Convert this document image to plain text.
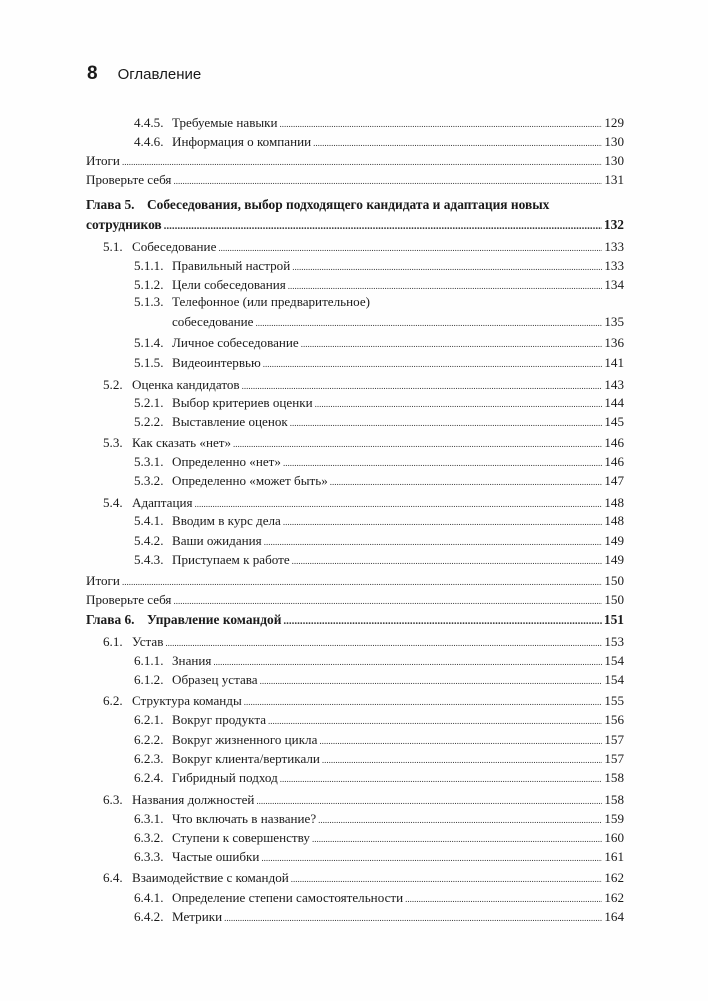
8 Оглавление
4.4.5. Требуемые навыки .....	129
4.4.6. Информация о компании .....	130
Итоги .....	130
Проверьте себя .....	131
Глава 5. Собеседования, выбор подходящего кандидата и адаптация новых
сотрудников .....	132
5.1. Собеседование .....	133
5.1.1. Правильный настрой .....	133
5.1.2. Цели собеседования .....	134
5.1.3. Телефонное (или предварительное)
собеседование .....	135
5.1.4. Личное собеседование .....	136
5.1.5. Видеоинтервью .....	141
5.2. Оценка кандидатов .....	143
5.2.1. Выбор критериев оценки .....	144
5.2.2. Выставление оценок .....	145
5.3. Как сказать «нет» .....	146
5.3.1. Определенно «нет» .....	146
5.3.2. Определенно «может быть» .....	147
5.4. Адаптация .....	148
5.4.1. Вводим в курс дела .....	148
5.4.2. Ваши ожидания .....	149
5.4.3. Приступаем к работе .....	149
Итоги .....	150
Проверьте себя .....	150
Глава 6. Управление командой .....	151
6.1. Устав .....	153
6.1.1. Знания .....	154
6.1.2. Образец устава .....	154
6.2. Структура команды .....	155
6.2.1. Вокруг продукта .....	156
6.2.2. Вокруг жизненного цикла .....	157
6.2.3. Вокруг клиента/вертикали .....	157
6.2.4. Гибридный подход .....	158
6.3. Названия должностей .....	158
6.3.1. Что включать в название? .....	159
6.3.2. Ступени к совершенству .....	160
6.3.3. Частые ошибки .....	161
6.4. Взаимодействие с командой .....	162
6.4.1. Определение степени самостоятельности .....	162
6.4.2. Метрики .....	164
